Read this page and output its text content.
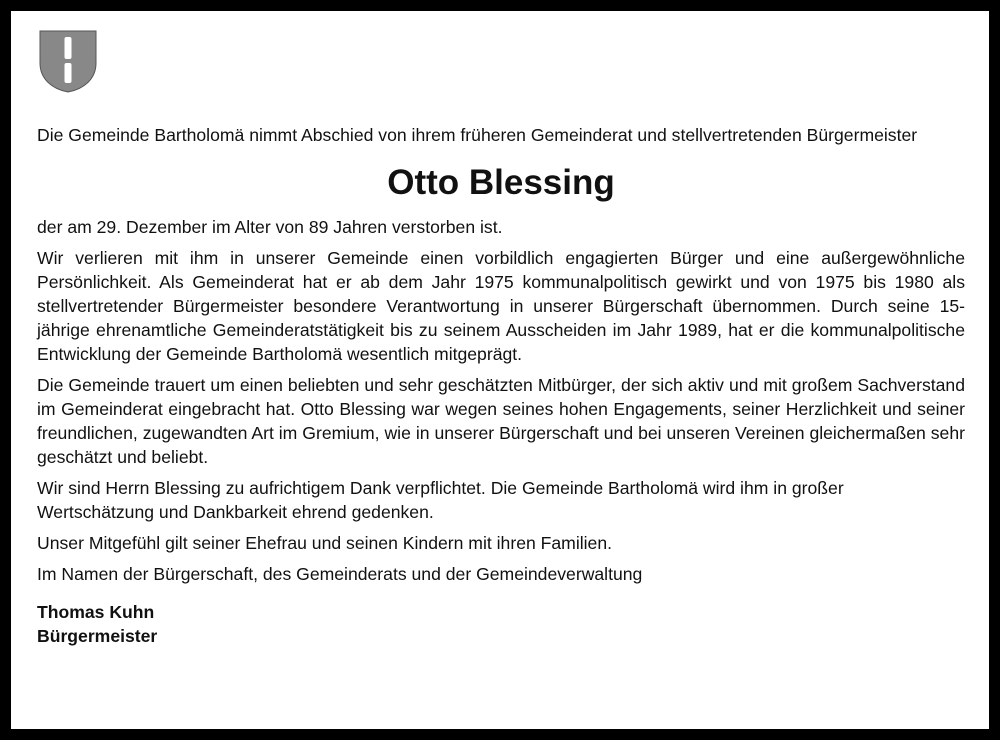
Die Gemeinde Bartholomä nimmt Abschied von ihrem früheren Gemeinderat und stellvertretenden Bürgermeister

Otto Blessing

der am 29. Dezember im Alter von 89 Jahren verstorben ist.

Wir verlieren mit ihm in unserer Gemeinde einen vorbildlich engagierten Bürger und eine außergewöhnliche Persönlichkeit. Als Gemeinderat hat er ab dem Jahr 1975 kommunalpolitisch gewirkt und von 1975 bis 1980 als stellvertretender Bürgermeister besondere Verantwortung in unserer Bürgerschaft übernommen. Durch seine 15-jährige ehrenamtliche Gemeinderatstätigkeit bis zu seinem Ausscheiden im Jahr 1989, hat er die kommunalpolitische Entwicklung der Gemeinde Bartholomä wesentlich mitgeprägt.

Die Gemeinde trauert um einen beliebten und sehr geschätzten Mitbürger, der sich aktiv und mit großem Sachverstand im Gemeinderat eingebracht hat. Otto Blessing war wegen seines hohen Engagements, seiner Herzlichkeit und seiner freundlichen, zugewandten Art im Gremium, wie in unserer Bürgerschaft und bei unseren Vereinen gleichermaßen sehr geschätzt und beliebt.

Wir sind Herrn Blessing zu aufrichtigem Dank verpflichtet. Die Gemeinde Bartholomä wird ihm in großer Wertschätzung und Dankbarkeit ehrend gedenken.

Unser Mitgefühl gilt seiner Ehefrau und seinen Kindern mit ihren Familien.

Im Namen der Bürgerschaft, des Gemeinderats und der Gemeindeverwaltung

Thomas Kuhn

Bürgermeister
